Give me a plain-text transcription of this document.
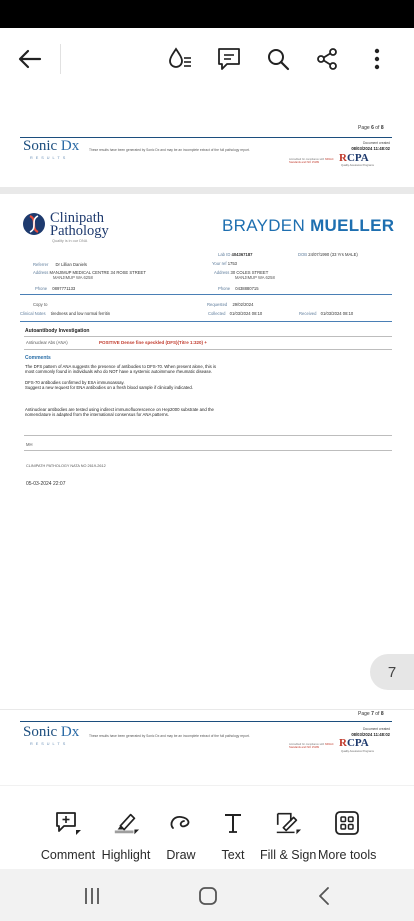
Page 6 of 8
Sonic Dx
RESULTS
These results have been generated by Sonic Dx and may be an incomplete extract of the full pathology report.
Document created
08/03/2024 11:48:02
Accredited for compliance with NPAAC Standards and ISO 15189	RCPA
Quality Assurance Programs
Clinipath
Pathology
Quality is in our DNA
BRAYDEN MUELLER
Lab ID 404367187	DOB 24/07/1990 (33 Yrs MALE)
Your ref 1753
Referrer Dr Lillian Daniels
Address MANJIMUP MEDICAL CENTRE 34 ROSE STREET
MANJIMUP WA 6258
Address 30 COLES STREET
MANJIMUP WA 6258
Phone 0897771133	Phone 0438880715
Copy to	Requested 29/02/2024
Clinical Notes tiredness and low normal ferritin	Collected 01/03/2024 08:10	Received 01/03/2024 08:10
Autoantibody Investigation
Antinuclear Abs (ANA)	POSITIVE Dense fine speckled (DFS)(Titre 1:320) +
Comments
The DFS pattern of ANA suggests the presence of antibodies to DFS-70. When present alone, this is most commonly found in individuals who do NOT have a systemic autoimmune rheumatic disease.
DFS-70 antibodies confirmed by ESA immunoassay.
Suggest a new request for ENA antibodies on a fresh blood sample if clinically indicated.
Antinuclear antibodies are tested using indirect immunofluorescence on Hep2000 substrate and the nomenclature is adapted from the international consensus for ANA patterns.
MH
CLINIPATH PATHOLOGY NATA NO 2619-2612
05-03-2024 22:07
Page 7 of 8
Sonic Dx
RESULTS
These results have been generated by Sonic Dx and may be an incomplete extract of the full pathology report.
Document created
08/03/2024 11:48:02
Accredited for compliance with NPAAC Standards and ISO 15189	RCPA
Quality Assurance Programs
7
Comment Highlight	Draw	Text	Fill & Sign More tools
